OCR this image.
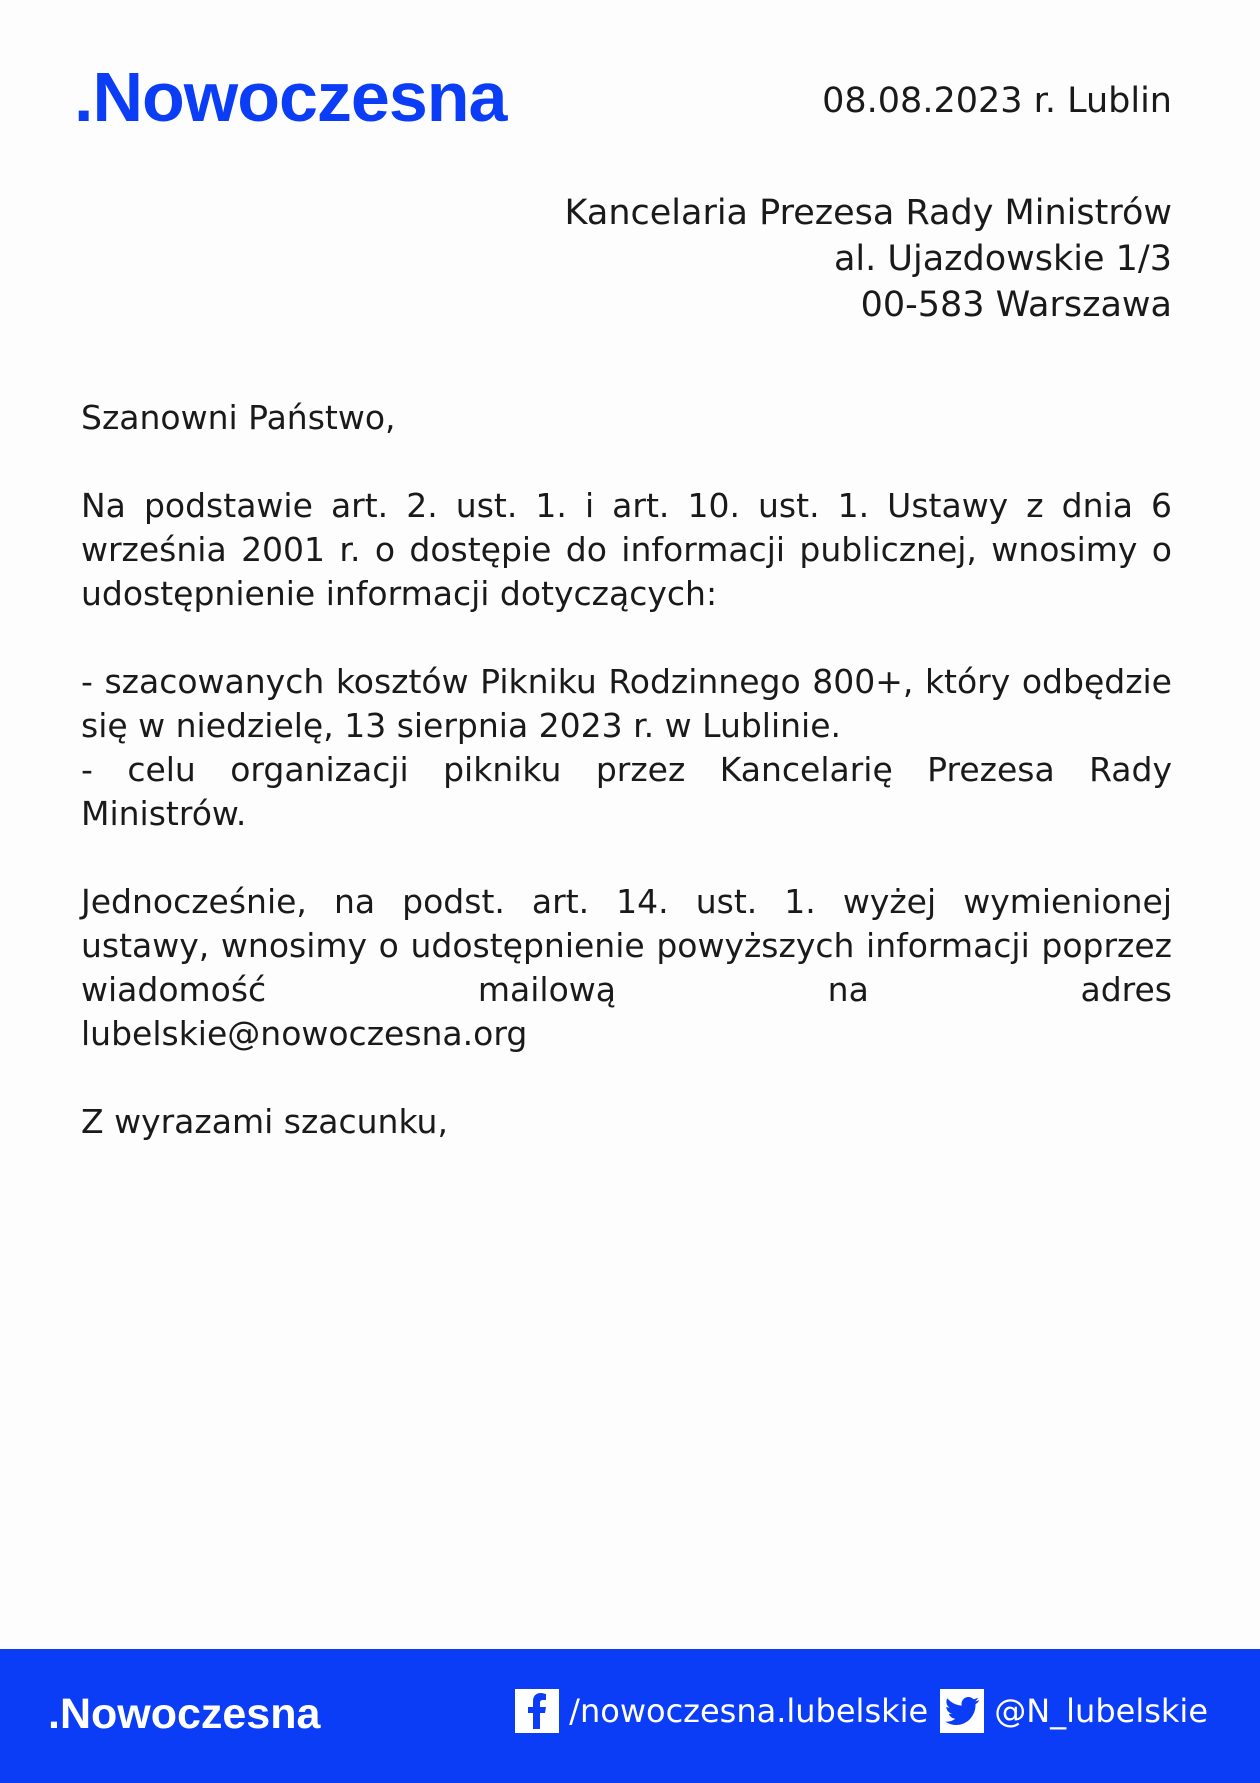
.Nowoczesna	08.08.2023 r. Lublin
Kancelaria Prezesa Rady Ministrów
al. Ujazdowskie 1/3
00-583 Warszawa

Szanowni Państwo,

Na podstawie art. 2. ust. 1. i art. 10. ust. 1. Ustawy z dnia 6 września 2001 r. o dostępie do informacji publicznej, wnosimy o udostępnienie informacji dotyczących:

- szacowanych kosztów Pikniku Rodzinnego 800+, który odbędzie się w niedzielę, 13 sierpnia 2023 r. w Lublinie.

- celu organizacji pikniku przez Kancelarię Prezesa Rady Ministrów.

Jednocześnie, na podst. art. 14. ust. 1. wyżej wymienionej ustawy, wnosimy o udostępnienie powyższych informacji poprzez wiadomość mailową na adres
lubelskie@nowoczesna.org

Z wyrazami szacunku,

.Nowoczesna	/nowoczesna.lubelskie @N_lubelskie
